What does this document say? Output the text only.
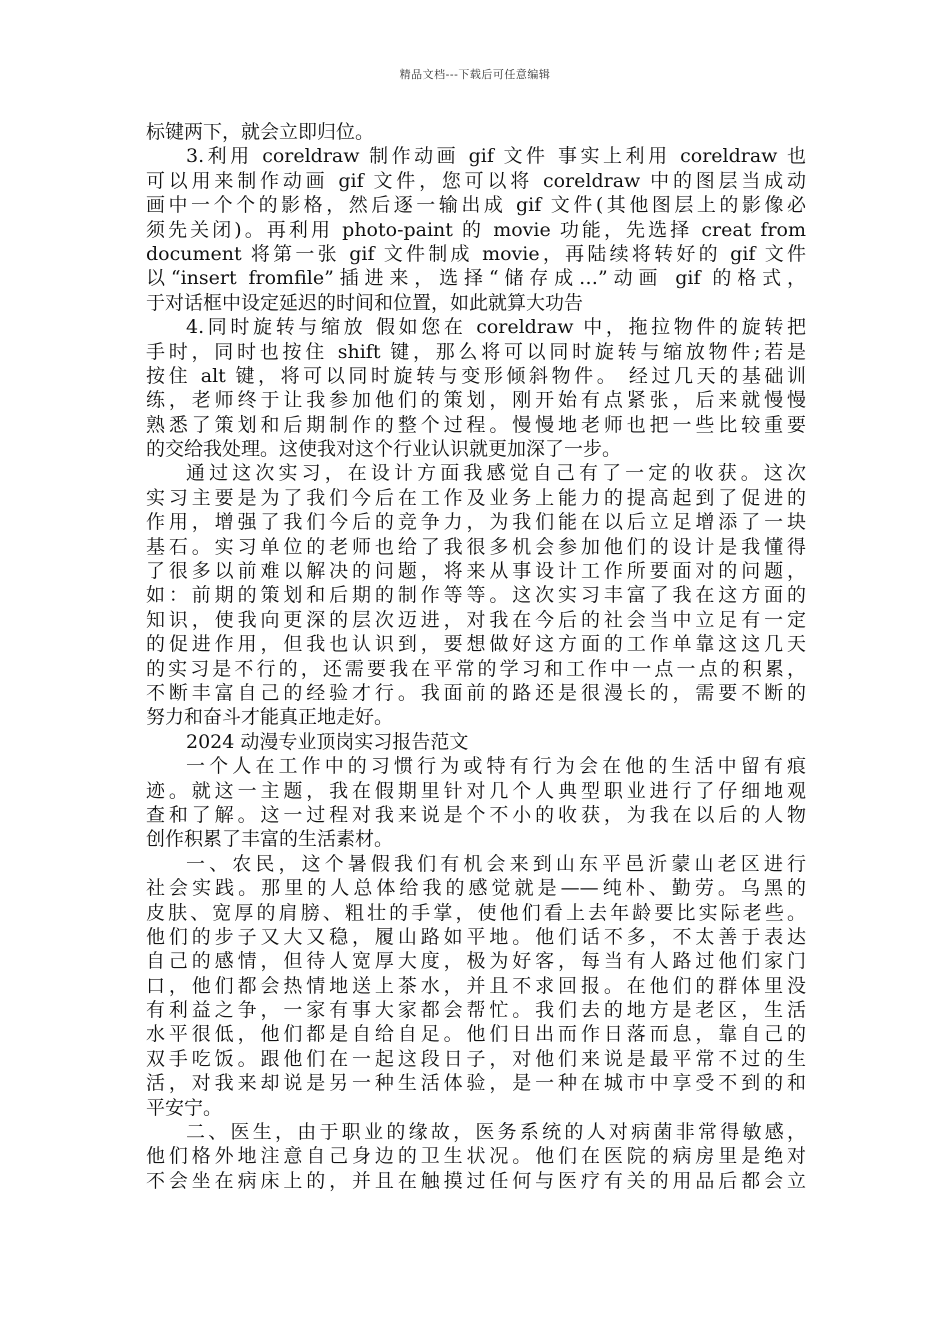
精品文档---下载后可任意编辑
标键两下，就会立即归位。
3.利用 coreldraw 制作动画 gif 文件 事实上利用 coreldraw 也
可以用来制作动画 gif 文件，您可以将 coreldraw 中的图层当成动
画中一个个的影格，然后逐一输出成 gif 文件(其他图层上的影像必
须先关闭)。再利用 photo-paint 的 movie 功能，先选择 creat from
document 将第一张 gif 文件制成 movie，再陆续将转好的 gif 文件
以“insert fromfile”插进来，选择“储存成…”动画 gif 的格式，
于对话框中设定延迟的时间和位置，如此就算大功告
4.同时旋转与缩放 假如您在 coreldraw 中，拖拉物件的旋转把
手时，同时也按住 shift 键，那么将可以同时旋转与缩放物件;若是
按住 alt 键，将可以同时旋转与变形倾斜物件。 经过几天的基础训
练，老师终于让我参加他们的策划，刚开始有点紧张，后来就慢慢
熟悉了策划和后期制作的整个过程。慢慢地老师也把一些比较重要
的交给我处理。这使我对这个行业认识就更加深了一步。
通过这次实习，在设计方面我感觉自己有了一定的收获。这次
实习主要是为了我们今后在工作及业务上能力的提高起到了促进的
作用，增强了我们今后的竞争力，为我们能在以后立足增添了一块
基石。实习单位的老师也给了我很多机会参加他们的设计是我懂得
了很多以前难以解决的问题，将来从事设计工作所要面对的问题，
如：前期的策划和后期的制作等等。这次实习丰富了我在这方面的
知识，使我向更深的层次迈进，对我在今后的社会当中立足有一定
的促进作用，但我也认识到，要想做好这方面的工作单靠这这几天
的实习是不行的，还需要我在平常的学习和工作中一点一点的积累，
不断丰富自己的经验才行。我面前的路还是很漫长的，需要不断的
努力和奋斗才能真正地走好。
2024 动漫专业顶岗实习报告范文
一个人在工作中的习惯行为或特有行为会在他的生活中留有痕
迹。就这一主题，我在假期里针对几个人典型职业进行了仔细地观
查和了解。这一过程对我来说是个不小的收获，为我在以后的人物
创作积累了丰富的生活素材。
一、农民，这个暑假我们有机会来到山东平邑沂蒙山老区进行
社会实践。那里的人总体给我的感觉就是——纯朴、勤劳。乌黑的
皮肤、宽厚的肩膀、粗壮的手掌，使他们看上去年龄要比实际老些。
他们的步子又大又稳，履山路如平地。他们话不多，不太善于表达
自己的感情，但待人宽厚大度，极为好客，每当有人路过他们家门
口，他们都会热情地送上茶水，并且不求回报。在他们的群体里没
有利益之争，一家有事大家都会帮忙。我们去的地方是老区，生活
水平很低，他们都是自给自足。他们日出而作日落而息，靠自己的
双手吃饭。跟他们在一起这段日子，对他们来说是最平常不过的生
活，对我来却说是另一种生活体验，是一种在城市中享受不到的和
平安宁。
二、医生，由于职业的缘故，医务系统的人对病菌非常得敏感，
他们格外地注意自己身边的卫生状况。他们在医院的病房里是绝对
不会坐在病床上的，并且在触摸过任何与医疗有关的用品后都会立
